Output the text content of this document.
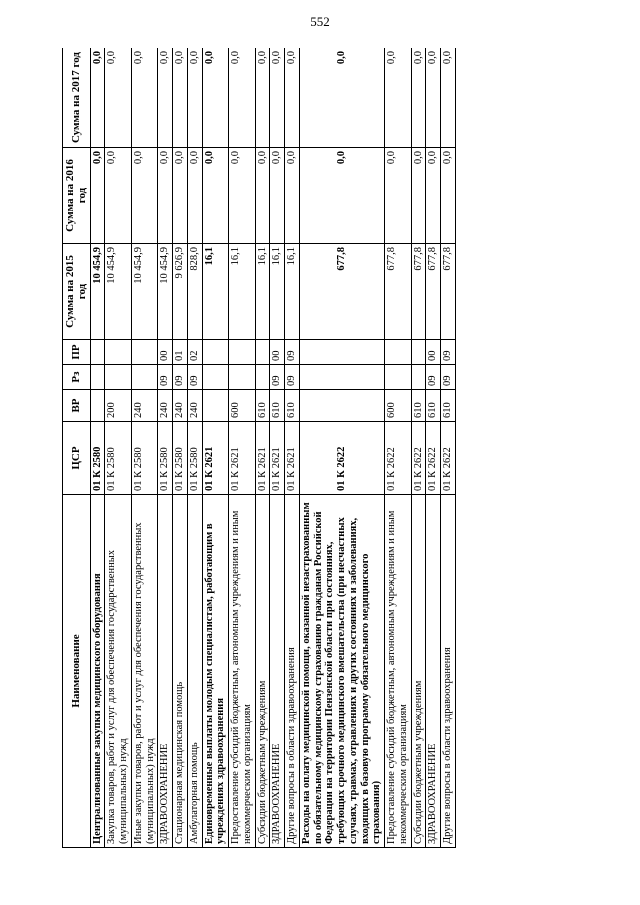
552
Наименование	ЦСР	ВР	Рз	ПР	Сумма на 2015 год	Сумма на 2016 год	Сумма на 2017 год
Централизованные закупки медицинского оборудования	01 К 2580				10 454,9	0,0	0,0
Закупка товаров, работ и услуг для обеспечения государственных (муниципальных) нужд	01 К 2580	200			10 454,9	0,0	0,0
Иные закупки товаров, работ и услуг для обеспечения государственных (муниципальных) нужд	01 К 2580	240			10 454,9	0,0	0,0
ЗДРАВООХРАНЕНИЕ	01 К 2580	240	09	00	10 454,9	0,0	0,0
Стационарная медицинская помощь	01 К 2580	240	09	01	9 626,9	0,0	0,0
Амбулаторная помощь	01 К 2580	240	09	02	828,0	0,0	0,0
Единовременные выплаты молодым специалистам, работающим в учреждениях здравоохранения	01 К 2621				16,1	0,0	0,0
Предоставление субсидий бюджетным, автономным учреждениям и иным некоммерческим организациям	01 К 2621	600			16,1	0,0	0,0
Субсидии бюджетным учреждениям	01 К 2621	610			16,1	0,0	0,0
ЗДРАВООХРАНЕНИЕ	01 К 2621	610	09	00	16,1	0,0	0,0
Другие вопросы в области здравоохранения	01 К 2621	610	09	09	16,1	0,0	0,0
Расходы на оплату медицинской помощи, оказанной незастрахованным по обязательному медицинскому страхованию гражданам Российской Федерации на территории Пензенской области при состояниях, требующих срочного медицинского вмешательства (при несчастных случаях, травмах, отравлениях и других состояниях и заболеваниях, входящих в базовую программу обязательного медицинского страхования)	01 К 2622				677,8	0,0	0,0
Предоставление субсидий бюджетным, автономным учреждениям и иным некоммерческим организациям	01 К 2622	600			677,8	0,0	0,0
Субсидии бюджетным учреждениям	01 К 2622	610			677,8	0,0	0,0
ЗДРАВООХРАНЕНИЕ	01 К 2622	610	09	00	677,8	0,0	0,0
Другие вопросы в области здравоохранения	01 К 2622	610	09	09	677,8	0,0	0,0
